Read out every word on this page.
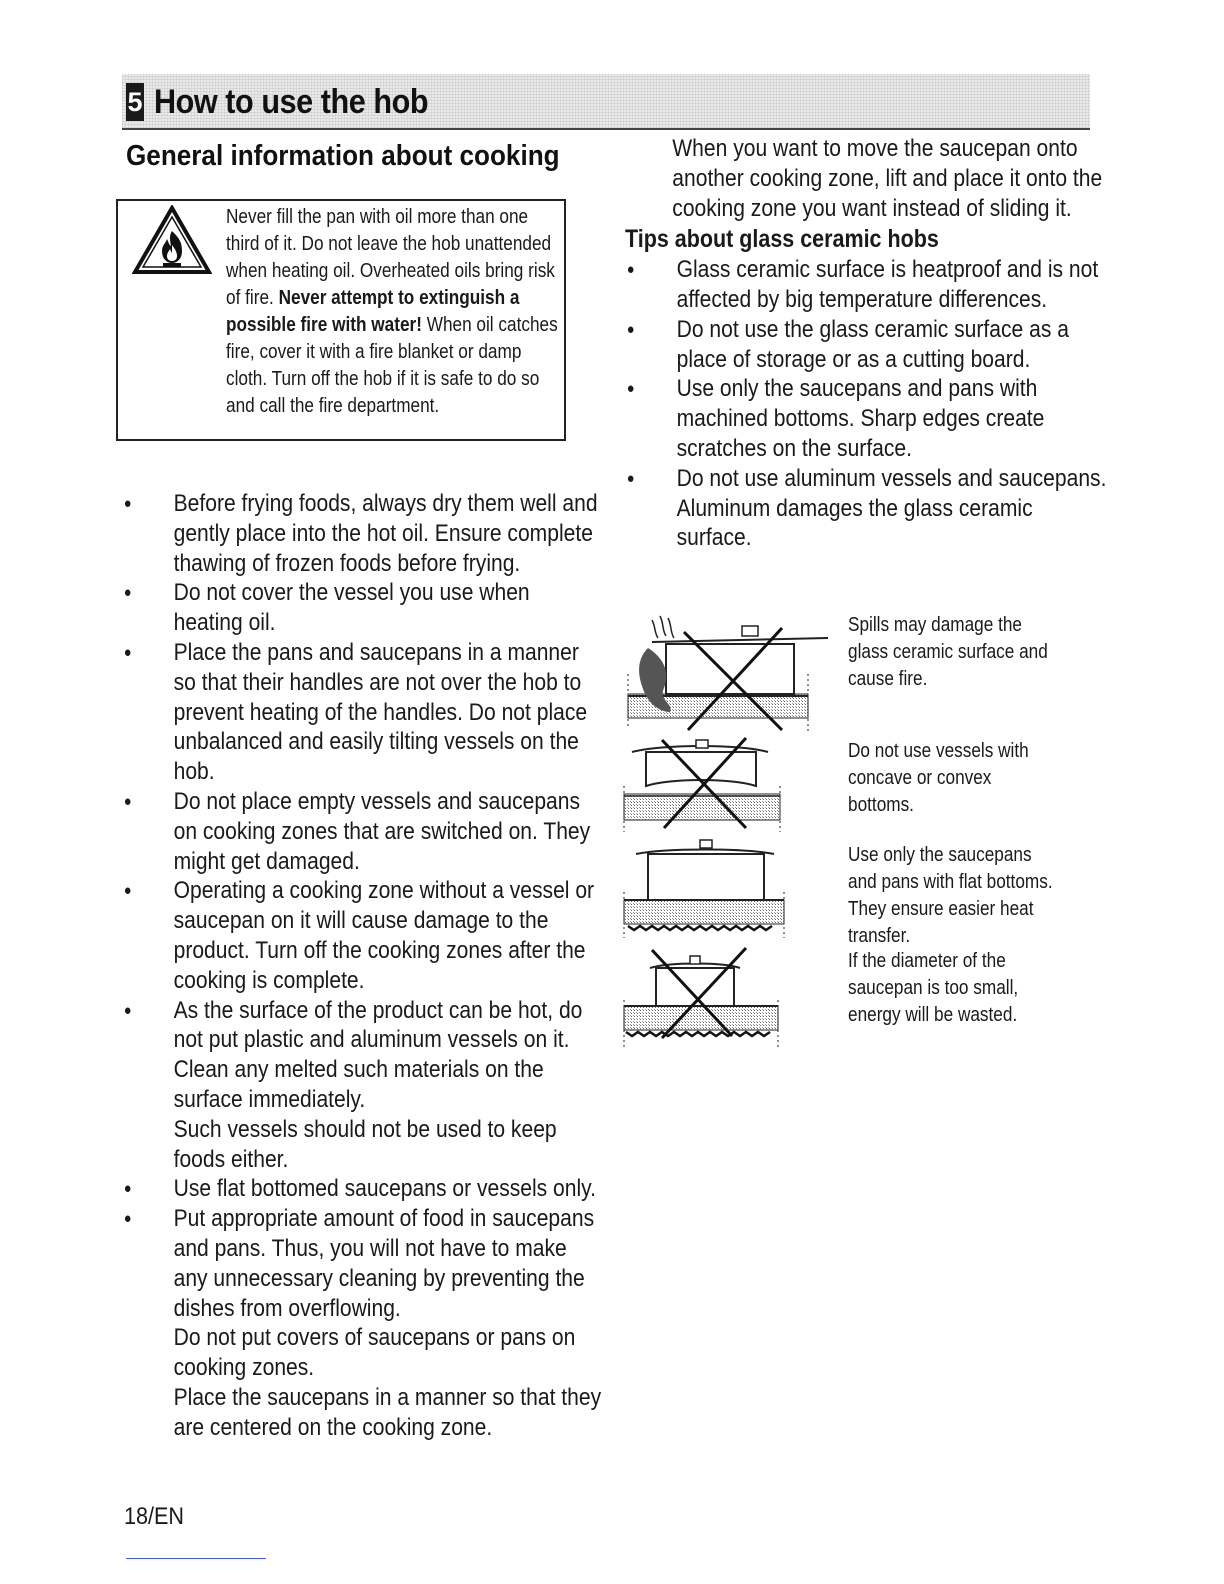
5 How to use the hob
General information about cooking
Never fill the pan with oil more than one third of it. Do not leave the hob unattended when heating oil. Overheated oils bring risk of fire. Never attempt to extinguish a possible fire with water! When oil catches fire, cover it with a fire blanket or damp cloth. Turn off the hob if it is safe to do so and call the fire department.
● Before frying foods, always dry them well and gently place into the hot oil. Ensure complete thawing of frozen foods before frying.
● Do not cover the vessel you use when heating oil.
● Place the pans and saucepans in a manner so that their handles are not over the hob to prevent heating of the handles. Do not place unbalanced and easily tilting vessels on the hob.
● Do not place empty vessels and saucepans on cooking zones that are switched on. They might get damaged.
● Operating a cooking zone without a vessel or saucepan on it will cause damage to the product. Turn off the cooking zones after the cooking is complete.
● As the surface of the product can be hot, do not put plastic and aluminum vessels on it. Clean any melted such materials on the surface immediately.
Such vessels should not be used to keep foods either.
● Use flat bottomed saucepans or vessels only.
● Put appropriate amount of food in saucepans and pans. Thus, you will not have to make any unnecessary cleaning by preventing the dishes from overflowing.
Do not put covers of saucepans or pans on cooking zones.
Place the saucepans in a manner so that they are centered on the cooking zone.
When you want to move the saucepan onto another cooking zone, lift and place it onto the cooking zone you want instead of sliding it.
Tips about glass ceramic hobs
● Glass ceramic surface is heatproof and is not affected by big temperature differences.
● Do not use the glass ceramic surface as a place of storage or as a cutting board.
● Use only the saucepans and pans with machined bottoms. Sharp edges create scratches on the surface.
● Do not use aluminum vessels and saucepans. Aluminum damages the glass ceramic surface.
Spills may damage the glass ceramic surface and cause fire.
Do not use vessels with concave or convex bottoms.
Use only the saucepans and pans with flat bottoms. They ensure easier heat transfer.
If the diameter of the saucepan is too small, energy will be wasted.
18/EN
